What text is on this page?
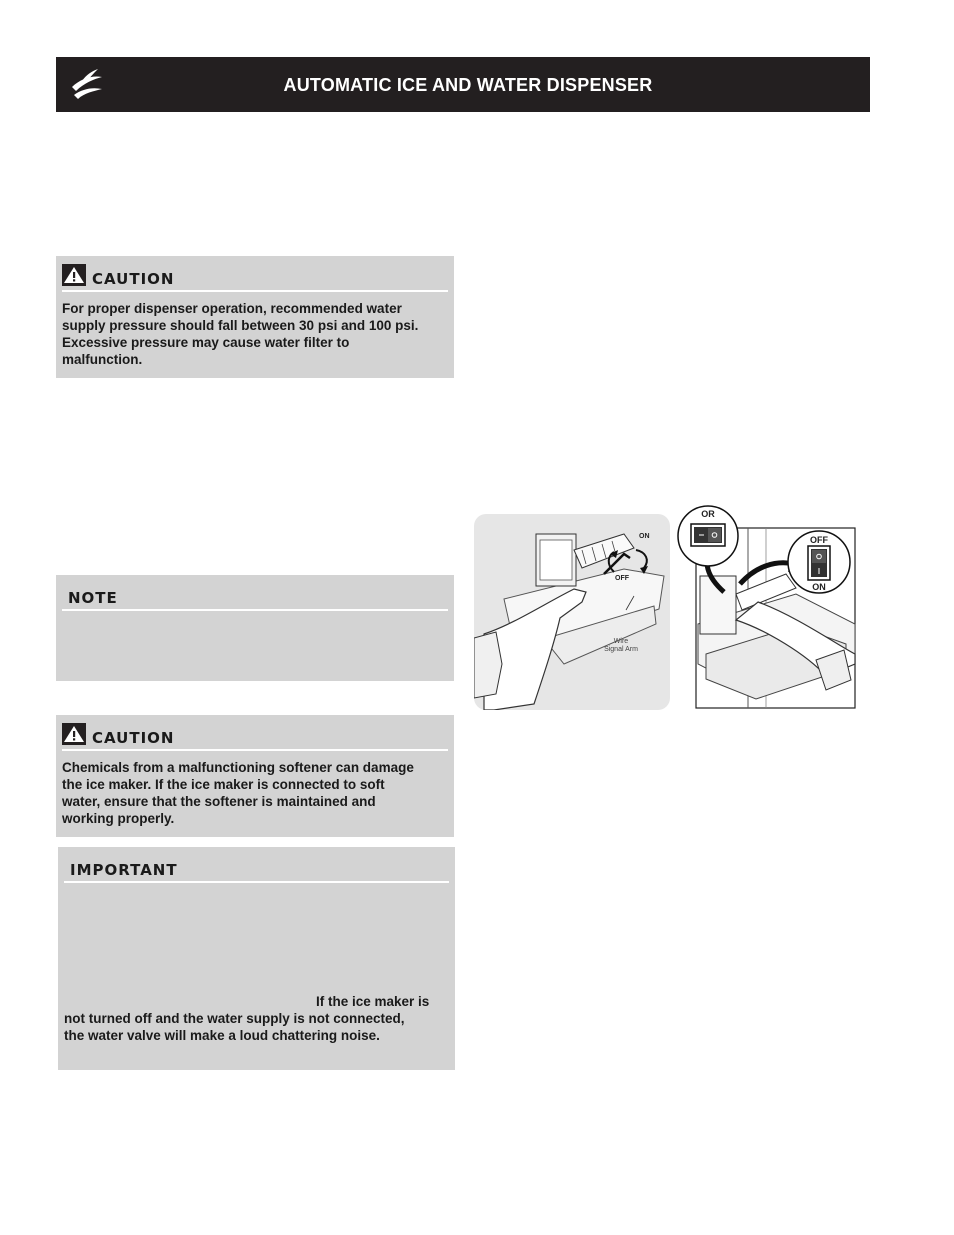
AUTOMATIC ICE AND WATER DISPENSER
CAUTION
For proper dispenser operation, recommended water
supply pressure should fall between 30 psi and 100 psi.
Excessive pressure may cause water filter to
malfunction.
NOTE
CAUTION
Chemicals from a malfunctioning softener can damage
the ice maker. If the ice maker is connected to soft
water, ensure that the softener is maintained and
working properly.
IMPORTANT
If the ice maker is
not turned off and the water supply is not connected,
the water valve will make a loud chattering noise.
ON
OFF
Wire
Signal Arm
OR
OFF
ON
